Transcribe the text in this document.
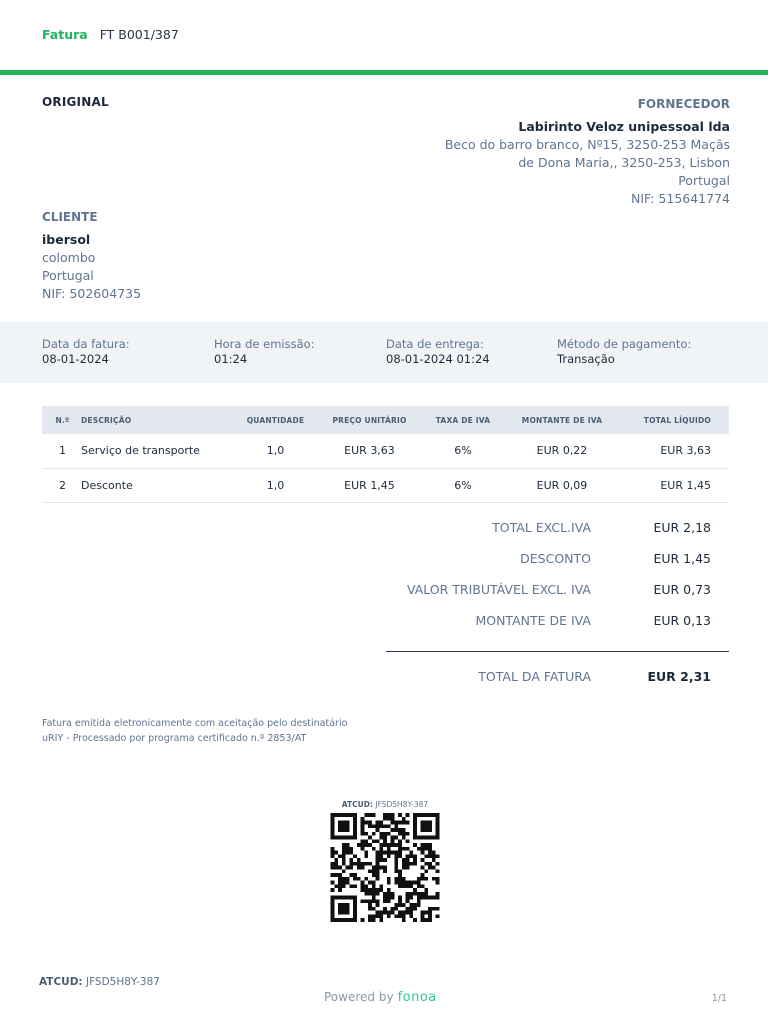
Fatura FT B001/387
ORIGINAL	FORNECEDOR
Labirinto Veloz unipessoal lda
Beco do barro branco, Nº15, 3250-253 Maçãs
de Dona Maria,, 3250-253, Lisbon
Portugal
NIF: 515641774
CLIENTE
ibersol
colombo
Portugal
NIF: 502604735
Data da fatura:
08-01-2024
Hora de emissão:
01:24
Data de entrega:
08-01-2024 01:24
Método de pagamento:
Transação
N.º	DESCRIÇÃO	QUANTIDADE	PREÇO UNITÁRIO	TAXA DE IVA	MONTANTE DE IVA	TOTAL LÍQUIDO
1	Serviço de transporte	1,0	EUR 3,63	6%	EUR 0,22	EUR 3,63
2	Desconte	1,0	EUR 1,45	6%	EUR 0,09	EUR 1,45
TOTAL EXCL.IVA	EUR 2,18
DESCONTO	EUR 1,45
VALOR TRIBUTÁVEL EXCL. IVA	EUR 0,73
MONTANTE DE IVA	EUR 0,13
TOTAL DA FATURA	EUR 2,31
Fatura emitida eletronicamente com aceitação pelo destinatário
uRIY - Processado por programa certificado n.º 2853/AT
ATCUD: JFSD5H8Y-387
ATCUD: JFSD5H8Y-387
Powered by fonoa	1/1
